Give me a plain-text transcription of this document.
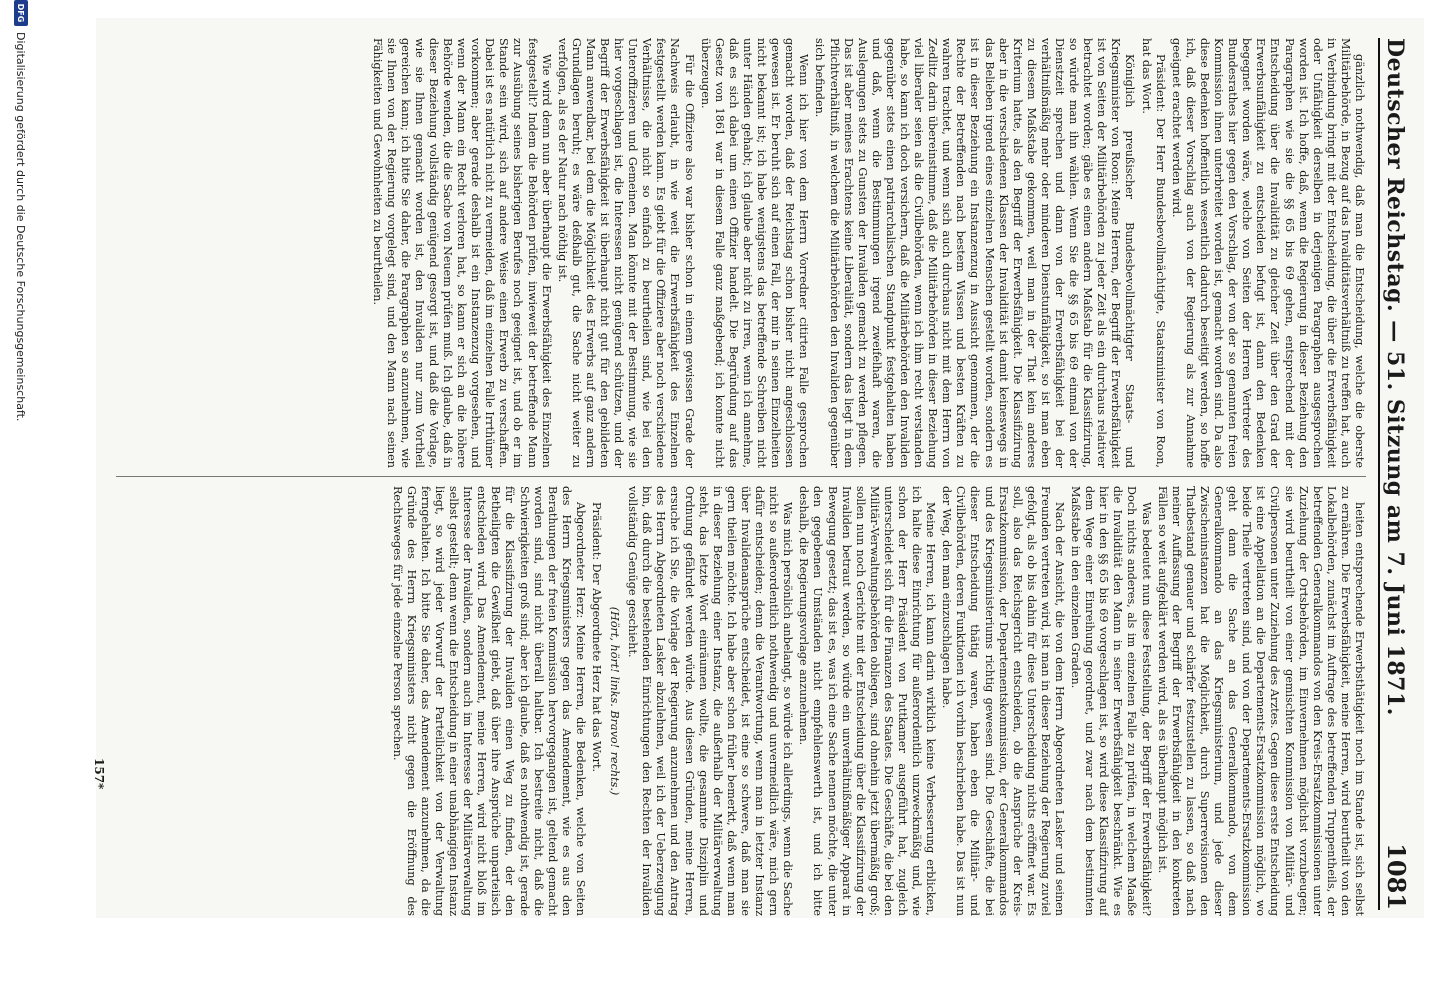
Deutscher Reichstag. — 51. Sitzung am 7. Juni 1871.
1081

gänzlich nothwendig, daß man die Entscheidung, welche die oberste Militärbehörde, in Bezug auf das Invaliditätsverhältniß zu treffen hat, auch in Verbindung bringt mit der Entscheidung, die über die Erwerbsfähigkeit oder Unfähigkeit derselben in derjenigen Paragraphen ausgesprochen worden ist. Ich hoffe, daß, wenn die Regierung in dieser Beziehung den Paragraphen wie sie die §§ 65 bis 69 gehen, entsprechend mit der Entscheidung über die Invalidität zu gleicher Zeit über den Grad der Erwerbsunfähigkeit zu entscheiden befugt ist, dann den Bedenken begegnet worden wäre, welche von Seiten der Herren Vertreter des Bundesrathes hier gegen den Vorschlag, der von der so genannten freien Kommission ihnen unterbreitet worden ist, gemacht worden sind. Da also diese Bedenken hoffentlich wesentlich dadurch beseitigt werden, so hoffe ich, daß dieser Vorschlag auch von der Regierung als zur Annahme geeignet erachtet werden wird.

Präsident: Der Herr Bundesbevollmächtigte, Staatsminister von Roon, hat das Wort.

Königlich preußischer Bundesbevollmächtigter Staats- und Kriegsminister von Roon: Meine Herren, der Begriff der Erwerbsfähigkeit ist von Seiten der Militärbehörden zu jeder Zeit als ein durchaus relativer betrachtet worden; gäbe es einen andern Maßstab für die Klassifizirung, so würde man ihn wählen. Wenn Sie die §§ 65 bis 69 einmal von der Dienstzeit sprechen und dann von der Erwerbsfähigkeit bei der verhältnißmäßig mehr oder minderen Dienstunfähigkeit, so ist man eben zu diesem Maßstabe gekommen, weil man in der That kein anderes Kriterium hatte, als den Begriff der Erwerbsfähigkeit. Die Klassifizirung aber in die verschiedenen Klassen der Invalidität ist damit keineswegs in das Belieben irgend eines einzelnen Menschen gestellt worden, sondern es ist in dieser Beziehung ein Instanzenzug in Aussicht genommen, der die Rechte der Betreffenden nach bestem Wissen und besten Kräften zu wahren trachtet, und wenn sich auch durchaus nicht mit dem Herrn von Zedlitz darin übereinstimme, daß die Militärbehörden in dieser Beziehung viel liberaler seien als die Civilbehörden, wenn ich ihm recht verstanden habe, so kann ich doch versichern, daß die Militärbehörden den Invaliden gegenüber stets einen patriarchalischen Standpunkt festgehalten haben und daß, wenn die Bestimmungen irgend zweifelhaft waren, die Auslegungen stets zu Gunsten der Invaliden gemacht zu werden pflegen. Das ist aber meines Erachtens keine Liberalität, sondern das liegt in dem Pflichtverhältniß, in welchem die Militärbehörden den Invaliden gegenüber sich befinden.

Wenn ich hier von dem Herrn Vorredner citirten Falle gesprochen gemacht worden, daß der Reichstag schon bisher nicht angeschlossen gewesen ist. Er beruht sich auf einen Fall, der mir in seinen Einzelheiten nicht bekannt ist; ich habe wenigstens das betreffende Schreiben nicht unter Händen gehabt; ich glaube aber nicht zu irren, wenn ich annehme, daß es sich dabei um einen Offizier handelt. Die Begründung auf das Gesetz von 1861 war in diesem Falle ganz maßgebend; ich konnte nicht überzeugen.

Für die Offiziere also war bisher schon in einem gewissen Grade der Nachweis erlaubt, in wie weit die Erwerbsfähigkeit des Einzelnen festgestellt werden kann. Es giebt für die Offiziere aber noch verschiedene Verhältnisse, die nicht so einfach zu beurtheilen sind, wie bei den Unteroffizieren und Gemeinen. Man könnte mit der Bestimmung, wie sie hier vorgeschlagen ist, die Interessen nicht genügend schützen, und der Begriff der Erwerbsfähigkeit ist überhaupt nicht gut für den gebildeten Mann anwendbar, bei dem die Möglichkeit des Erwerbs auf ganz andern Grundlagen beruht; es wäre deßhalb gut, die Sache nicht weiter zu verfolgen, als es der Natur nach nöthig ist.

Wie wird denn nun aber überhaupt die Erwerbsfähigkeit des Einzelnen festgestellt? Indem die Behörden prüfen, inwieweit der betreffende Mann zur Ausübung seines bisherigen Berufes noch geeignet ist, und ob er im Stande sein wird, sich auf andere Weise einen Erwerb zu verschaffen. Dabei ist es natürlich nicht zu vermeiden, daß im einzelnen Falle Irrthümer vorkommen; aber gerade deshalb ist ein Instanzenzug vorgesehen, und wenn der Mann ein Recht verloren hat, so kann er sich an die höhere Behörde wenden, die die Sache von Neuem prüfen muß. Ich glaube, daß in dieser Beziehung vollständig genügend gesorgt ist, und daß die Vorlage, wie sie Ihnen gemacht worden ist, den Invaliden nur zum Vortheil gereichen kann; ich bitte Sie daher, die Paragraphen so anzunehmen, wie sie Ihnen von der Regierung vorgelegt sind, und den Mann nach seinen Fähigkeiten und Gewohnheiten zu beurtheilen.

heiten entsprechende Erwerbsthätigkeit noch im Stande ist, sich selbst zu ernähren. Die Erwerbsfähigkeit, meine Herren, wird beurtheilt von den Lokalbehörden, zunächst im Auftrage des betreffenden Truppentheils, der betreffenden Generalkommandos von den Kreis-Ersatzkommissionen unter Zuziehung der Ortsbehörden, im Einvernehmen möglichst vorzubeugen; sie wird beurtheilt von einer gemischten Kommission von Militär- und Civilpersonen unter Zuziehung des Arztes. Gegen diese erste Entscheidung ist eine Appellation an die Departements-Ersatzkommission möglich, wo beide Theile vertreten sind, und von der Departements-Ersatzkommission geht dann die Sache an das Generalkommando, von dem Generalkommando an das Kriegsministerium, und jede dieser Zwischeninstanzen hat die Möglichkeit, durch Superrevisionen den Thatbestand genauer und schärfer festzustellen zu lassen, so daß nach meiner Auffassung der Begriff der Erwerbsfähigkeit in den konkreten Fällen so weit aufgeklärt werden wird, als es überhaupt möglich ist.

Was bedeutet nun diese Feststellung, der Begriff der Erwerbsfähigkeit? Doch nichts anderes, als im einzelnen Falle zu prüfen, in welchem Maaße die Invalidität den Mann in seiner Erwerbsfähigkeit beschränkt. Wie es hier in den §§ 65 bis 69 vorgeschlagen ist, so wird diese Klassifizirung auf dem Wege einer Einreihung geordnet, und zwar nach dem bestimmten Maßstabe in den einzelnen Graden.

Nach der Ansicht, die von dem Herrn Abgeordneten Lasker und seinen Freunden vertreten wird, ist man in dieser Beziehung der Regierung zuviel gefolgt, als ob bis dahin für diese Unterscheidung nichts eröffnet war. Es soll, also das Reichsgericht entscheiden, ob die Ansprüche der Kreis-Ersatzkommission, der Departementskommission, der Generalkommandos und des Kriegsministeriums richtig gewesen sind. Die Geschäfte, die bei dieser Entscheidung thätig waren, haben eben die Militär- und Civilbehörden, deren Funktionen ich vorhin beschrieben habe. Das ist nun der Weg, den man einzuschlagen habe.

Meine Herren, ich kann darin wirklich keine Verbesserung erblicken, ich halte diese Einrichtung für außerordentlich unzweckmäßig und, wie schon der Herr Präsident von Puttkamer ausgeführt hat, zugleich unterscheidet sich für die Finanzen des Staates. Die Geschäfte, die bei den Militär-Verwaltungsbehörden obliegen, sind ohnehin jetzt übermäßig groß; sollen nun noch Gerichte mit der Entscheidung über die Klassifizirung der Invaliden betraut werden, so würde ein unverhältnißmäßiger Apparat in Bewegung gesetzt; das ist es, was ich eine Sache nennen möchte, die unter den gegebenen Umständen nicht empfehlenswerth ist, und ich bitte deshalb, die Regierungsvorlage anzunehmen.

Was mich persönlich anbelangt, so würde ich allerdings, wenn die Sache nicht so außerordentlich nothwendig und unvermeidlich wäre, mich gern dafür entscheiden; denn die Verantwortung, wenn man in letzter Instanz über Invalidenansprüche entscheidet, ist eine so schwere, daß man sie gern theilen möchte. Ich habe aber schon früher bemerkt, daß wenn man in dieser Beziehung einer Instanz, die außerhalb der Militärverwaltung steht, das letzte Wort einräumen wollte, die gesammte Disziplin und Ordnung gefährdet werden würde. Aus diesen Gründen, meine Herren, ersuche ich Sie, die Vorlage der Regierung anzunehmen und den Antrag des Herrn Abgeordneten Lasker abzulehnen, weil ich der Ueberzeugung bin, daß durch die bestehenden Einrichtungen den Rechten der Invaliden vollständig Genüge geschieht.

(Hört, hört! links. Bravo! rechts.)

Präsident: Der Abgeordnete Herz hat das Wort.

Abgeordneter Herz: Meine Herren, die Bedenken, welche von Seiten des Herrn Kriegsministers gegen das Amendement, wie es aus den Berathungen der freien Kommission hervorgegangen ist, geltend gemacht worden sind, sind nicht überall haltbar. Ich bestreite nicht, daß die Schwierigkeiten groß sind; aber ich glaube, daß es nothwendig ist, gerade für die Klassifizirung der Invaliden einen Weg zu finden, der den Betheiligten die Gewißheit giebt, daß über ihre Ansprüche unparteiisch entschieden wird. Das Amendement, meine Herren, wird nicht bloß im Interesse der Invaliden, sondern auch im Interesse der Militärverwaltung selbst gestellt; denn wenn die Entscheidung in einer unabhängigen Instanz liegt, so wird jeder Vorwurf der Parteilichkeit von der Verwaltung ferngehalten. Ich bitte Sie daher, das Amendement anzunehmen, da die Gründe des Herrn Kriegsministers nicht gegen die Eröffnung des Rechtsweges für jede einzelne Person sprechen.

157*
DFG
Digitalisierung gefördert durch die Deutsche Forschungsgemeinschaft.
